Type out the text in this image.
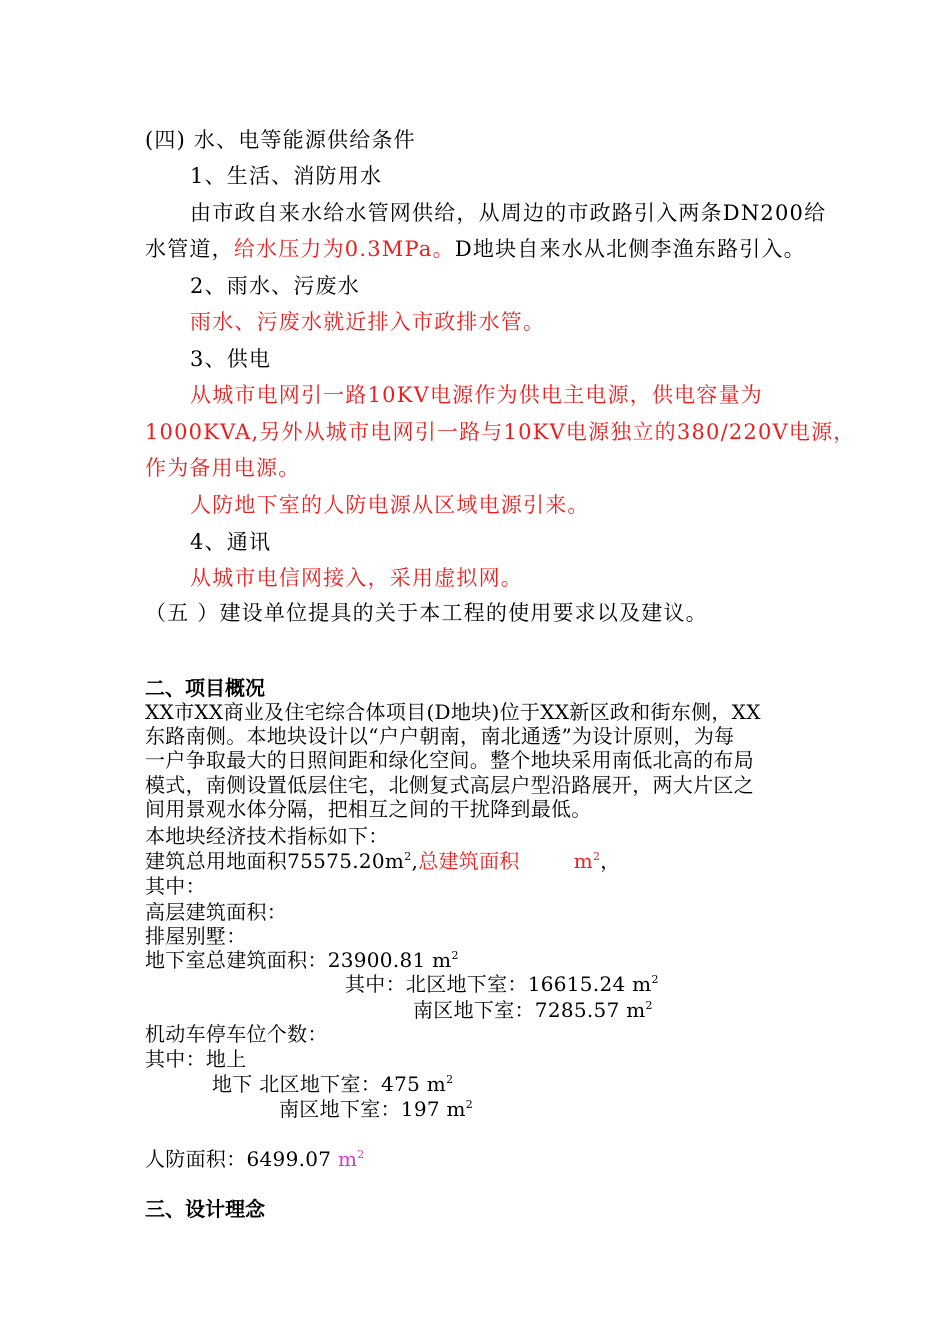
(四) 水、电等能源供给条件
1、生活、消防用水
由市政自来水给水管网供给，从周边的市政路引入两条DN200给
水管道，给水压力为0.3MPa。D地块自来水从北侧李渔东路引入。
2、雨水、污废水
雨水、污废水就近排入市政排水管。
3、供电
从城市电网引一路10KV电源作为供电主电源，供电容量为
1000KVA,另外从城市电网引一路与10KV电源独立的380/220V电源，
作为备用电源。
人防地下室的人防电源从区域电源引来。
4、通讯
从城市电信网接入，采用虚拟网。
（五 ）建设单位提具的关于本工程的使用要求以及建议。
二、项目概况
XX市XX商业及住宅综合体项目(D地块)位于XX新区政和街东侧，XX
东路南侧。本地块设计以“户户朝南，南北通透”为设计原则，为每
一户争取最大的日照间距和绿化空间。整个地块采用南低北高的布局
模式，南侧设置低层住宅，北侧复式高层户型沿路展开，两大片区之
间用景观水体分隔，把相互之间的干扰降到最低。
本地块经济技术指标如下：
建筑总用地面积$75575.20m^2$,总建筑面积	$m^2$，
其中：
高层建筑面积：
排屋别墅：
地下室总建筑面积：23900.81 $m^2$
其中：北区地下室：16615.24 $m^2$
南区地下室：7285.57 $m^2$
机动车停车位个数：
其中：地上
地下 北区地下室：475 $m^2$
南区地下室：197 $m^2$
人防面积：6499.07 $m^2$
三、设计理念
